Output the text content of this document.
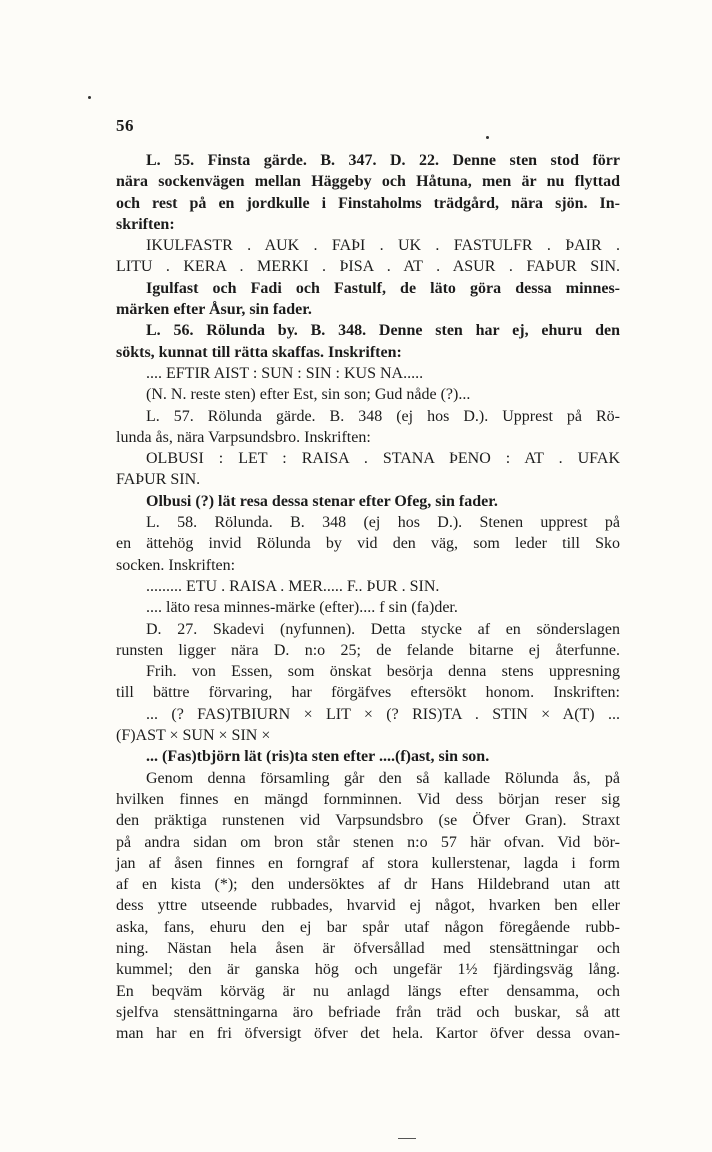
56
L. 55. Finsta gärde. B. 347. D. 22. Denne sten stod förr
nära sockenvägen mellan Häggeby och Håtuna, men är nu flyttad
och rest på en jordkulle i Finstaholms trädgård, nära sjön. In-
skriften:
IKULFASTR . AUK . FAÞI . UK . FASTULFR . ÞAIR .
LITU . KERA . MERKI . ÞISA . AT . ASUR . FAÞUR SIN.
Igulfast och Fadi och Fastulf, de läto göra dessa minnes-
märken efter Åsur, sin fader.
L. 56. Rölunda by. B. 348. Denne sten har ej, ehuru den
sökts, kunnat till rätta skaffas. Inskriften:
.... EFTIR AIST : SUN : SIN : KUS NA.....
(N. N. reste sten) efter Est, sin son; Gud nåde (?)...
L. 57. Rölunda gärde. B. 348 (ej hos D.). Upprest på Rö-
lunda ås, nära Varpsundsbro. Inskriften:
OLBUSI : LET : RAISA . STANA ÞENO : AT . UFAK
FAÞUR SIN.
Olbusi (?) lät resa dessa stenar efter Ofeg, sin fader.
L. 58. Rölunda. B. 348 (ej hos D.). Stenen upprest på
en ättehög invid Rölunda by vid den väg, som leder till Sko
socken. Inskriften:
......... ETU . RAISA . MER..... F.. ÞUR . SIN.
.... läto resa minnes-märke (efter).... f sin (fa)der.
D. 27. Skadevi (nyfunnen). Detta stycke af en sönderslagen
runsten ligger nära D. n:o 25; de felande bitarne ej återfunne.
Frih. von Essen, som önskat besörja denna stens uppresning
till bättre förvaring, har förgäfves eftersökt honom. Inskriften:
... (? FAS)TBIURN × LIT × (? RIS)TA . STIN × A(T) ...
(F)AST × SUN × SIN ×
... (Fas)tbjörn lät (ris)ta sten efter ....(f)ast, sin son.
Genom denna församling går den så kallade Rölunda ås, på
hvilken finnes en mängd fornminnen. Vid dess början reser sig
den präktiga runstenen vid Varpsundsbro (se Öfver Gran). Straxt
på andra sidan om bron står stenen n:o 57 här ofvan. Vid bör-
jan af åsen finnes en forngraf af stora kullerstenar, lagda i form
af en kista (*); den undersöktes af dr Hans Hildebrand utan att
dess yttre utseende rubbades, hvarvid ej något, hvarken ben eller
aska, fans, ehuru den ej bar spår utaf någon föregående rubb-
ning. Nästan hela åsen är öfversållad med stensättningar och
kummel; den är ganska hög och ungefär 1½ fjärdingsväg lång.
En beqväm körväg är nu anlagd längs efter densamma, och
sjelfva stensättningarna äro befriade från träd och buskar, så att
man har en fri öfversigt öfver det hela. Kartor öfver dessa ovan-
